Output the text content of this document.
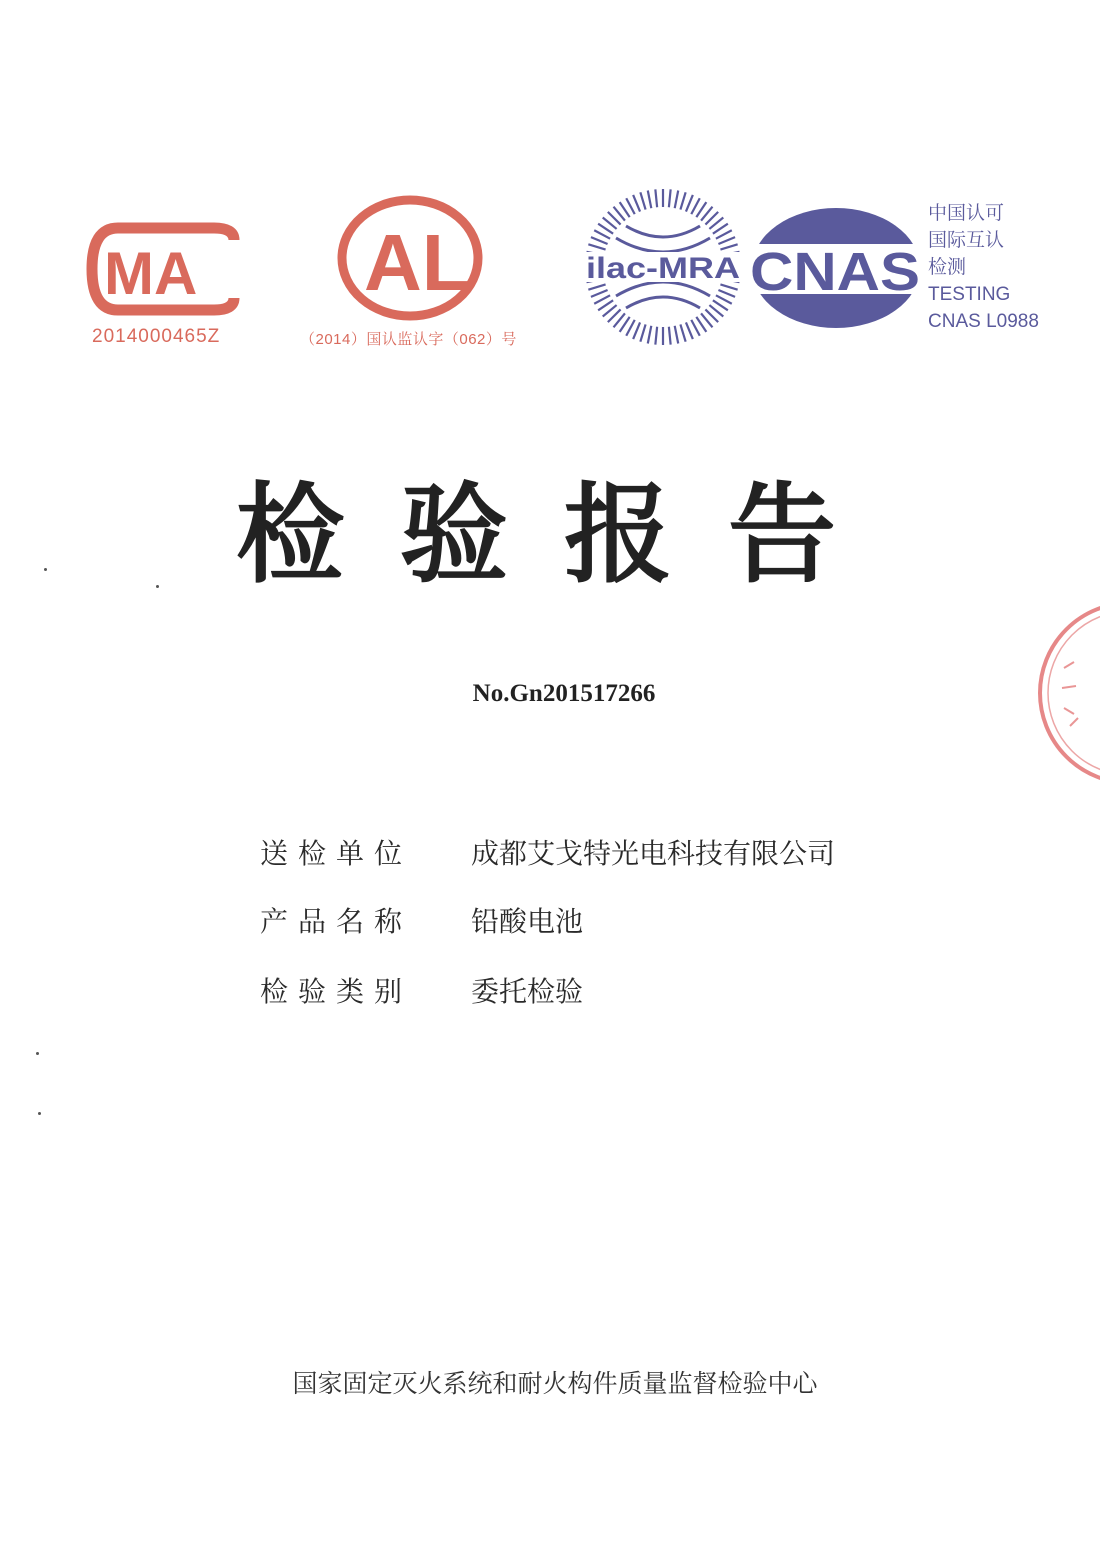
MA
2014000465Z
AL
（2014）国认监认字（062）号
ilac-MRA CNAS
中国认可
国际互认
检测
TESTING
CNAS L0988
检验报告
No.Gn201517266
送检单位 成都艾戈特光电科技有限公司
产品名称 铅酸电池
检验类别 委托检验
国家固定灭火系统和耐火构件质量监督检验中心
